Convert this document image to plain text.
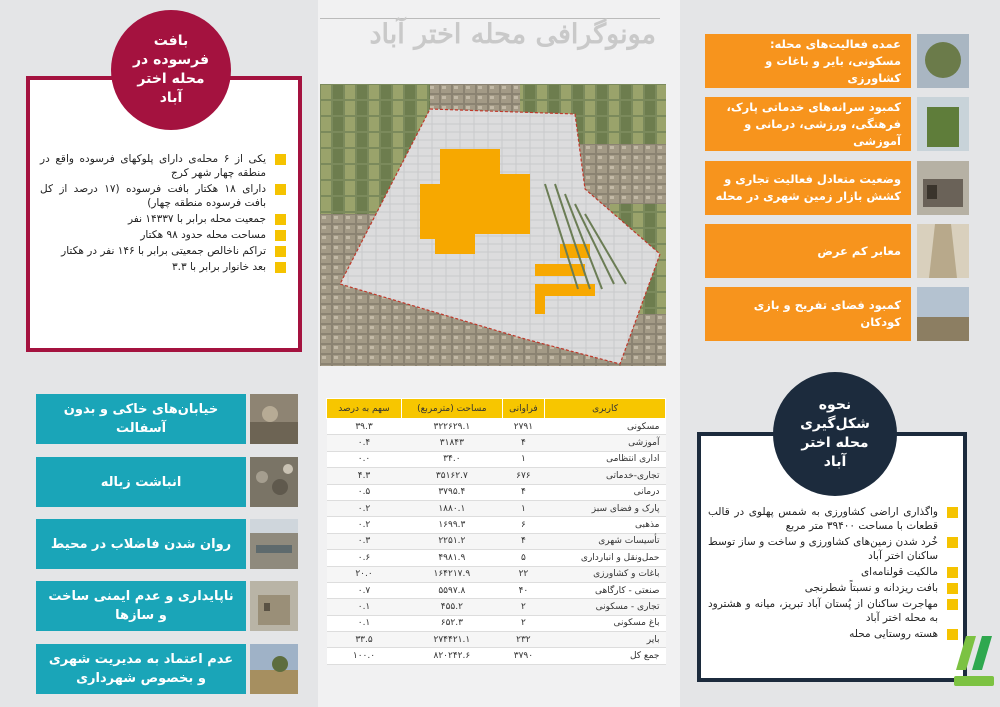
مونوگرافی محله اختر آباد
بافت فرسوده در محله اختر آباد
یکی از ۶ محله‌ی دارای پلوکهای فرسوده واقع در منطقه چهار شهر کرج
دارای ۱۸ هکتار بافت فرسوده (۱۷ درصد از کل بافت فرسوده منطقه چهار)
جمعیت محله برابر با ۱۴۳۳۷ نفر
مساحت محله حدود ۹۸ هکتار
تراکم ناخالص جمعیتی برابر با ۱۴۶ نفر در هکتار
بعد خانوار برابر با ۳.۳
خیابان‌های خاکی و بدون آسفالت
انباشت زباله
روان شدن فاضلاب در محیط
ناپایداری و عدم ایمنی ساخت و سازها
عدم اعتماد به مدیریت شهری و بخصوص شهرداری
عمده فعالیت‌های محله: مسکونی، بایر و باغات و کشاورزی
کمبود سرانه‌های خدماتی پارک، فرهنگی، ورزشی، درمانی و آموزشی
وضعیت متعادل فعالیت تجاری و کشش بازار زمین شهری در محله
معابر کم عرض
کمبود فضای تفریح و بازی کودکان
نحوه شکل‌گیری محله اختر آباد
واگذاری اراضی کشاورزی به شمس پهلوی در قالب قطعات با مساحت ۳۹۴۰۰ متر مربع
خُرد شدن زمین‌های کشاورزی و ساخت و ساز توسط ساکنان اختر آباد
مالکیت قولنامه‌ای
بافت ریزدانه و نسبتاً شطرنجی
مهاجرت ساکنان از پُستان آباد تبریز، میانه و هشترود به محله اختر آباد
هسته روستایی محله
کاربری	فراوانی	مساحت (مترمربع)	سهم به درصد
مسکونی	۲۷۹۱	۳۲۲۶۲۹.۱	۳۹.۳
آموزشی	۴	۳۱۸۴۳	۰.۴
اداری انتظامی	۱	۳۴.۰	۰.۰
تجاری-خدماتی	۶۷۶	۳۵۱۶۲.۷	۴.۳
درمانی	۴	۳۷۹۵.۴	۰.۵
پارک و فضای سبز	۱	۱۸۸۰.۱	۰.۲
مذهبی	۶	۱۶۹۹.۳	۰.۲
تأسیسات شهری	۴	۲۲۵۱.۲	۰.۳
حمل‌ونقل و انبارداری	۵	۴۹۸۱.۹	۰.۶
باغات و کشاورزی	۲۲	۱۶۴۲۱۷.۹	۲۰.۰
صنعتی - کارگاهی	۴۰	۵۵۹۷.۸	۰.۷
تجاری - مسکونی	۲	۴۵۵.۲	۰.۱
باغ مسکونی	۲	۶۵۲.۳	۰.۱
بایر	۲۳۲	۲۷۴۴۲۱.۱	۳۳.۵
جمع کل	۳۷۹۰	۸۲۰۲۴۲.۶	۱۰۰.۰
